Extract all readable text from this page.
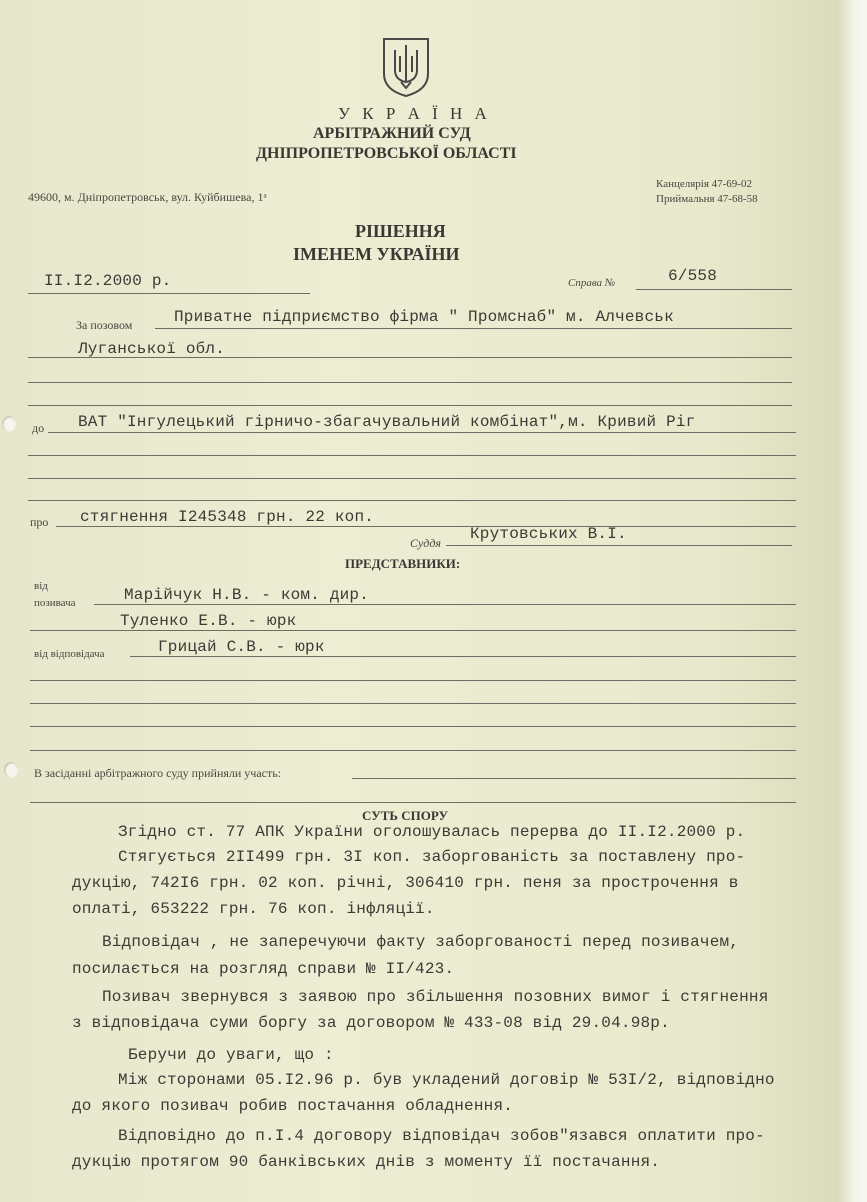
У К Р А Ї Н А
АРБІТРАЖНИЙ СУД
ДНІПРОПЕТРОВСЬКОЇ ОБЛАСТІ
49600, м. Дніпропетровськ, вул. Куйбишева, 1ᵃ
Канцелярія 47-69-02
Приймальня 47-68-58
РІШЕННЯ
ІМЕНЕМ УКРАЇНИ
II.I2.2000 р.	Справа №	6/558
За позовом	Приватне підприємство фірма " Промснаб" м. Алчевськ
Луганської обл.
до ВАТ "Інгулецький гірничо-збагачувальний комбінат",м. Кривий Ріг
про стягнення I245348 грн. 22 коп.
Суддя Крутовських В.І.
ПРЕДСТАВНИКИ:
від
позивача	Марійчук Н.В. - ком. дир.
Туленко Е.В. - юрк
від відповідача	Грицай С.В. - юрк
В засіданні арбітражного суду прийняли участь:
СУТЬ СПОРУ
Згідно ст. 77 АПК України оголошувалась перерва до II.I2.2000 р.
Стягується 2II499 грн. 3I коп. заборгованість за поставлену про-
дукцію, 742I6 грн. 02 коп. річні, 306410 грн. пеня за прострочення в
оплаті, 653222 грн. 76 коп. інфляції.
Відповідач , не заперечуючи факту заборгованості перед позивачем,
посилається на розгляд справи № II/423.
Позивач звернувся з заявою про збільшення позовних вимог і стягнення
з відповідача суми боргу за договором № 433-08 від 29.04.98р.
Беручи до уваги, що :
Між сторонами 05.I2.96 р. був укладений договір № 53I/2, відповідно
до якого позивач робив постачання обладнення.
Відповідно до п.І.4 договору відповідач зобов"язався оплатити про-
дукцію протягом 90 банківських днів з моменту її постачання.
